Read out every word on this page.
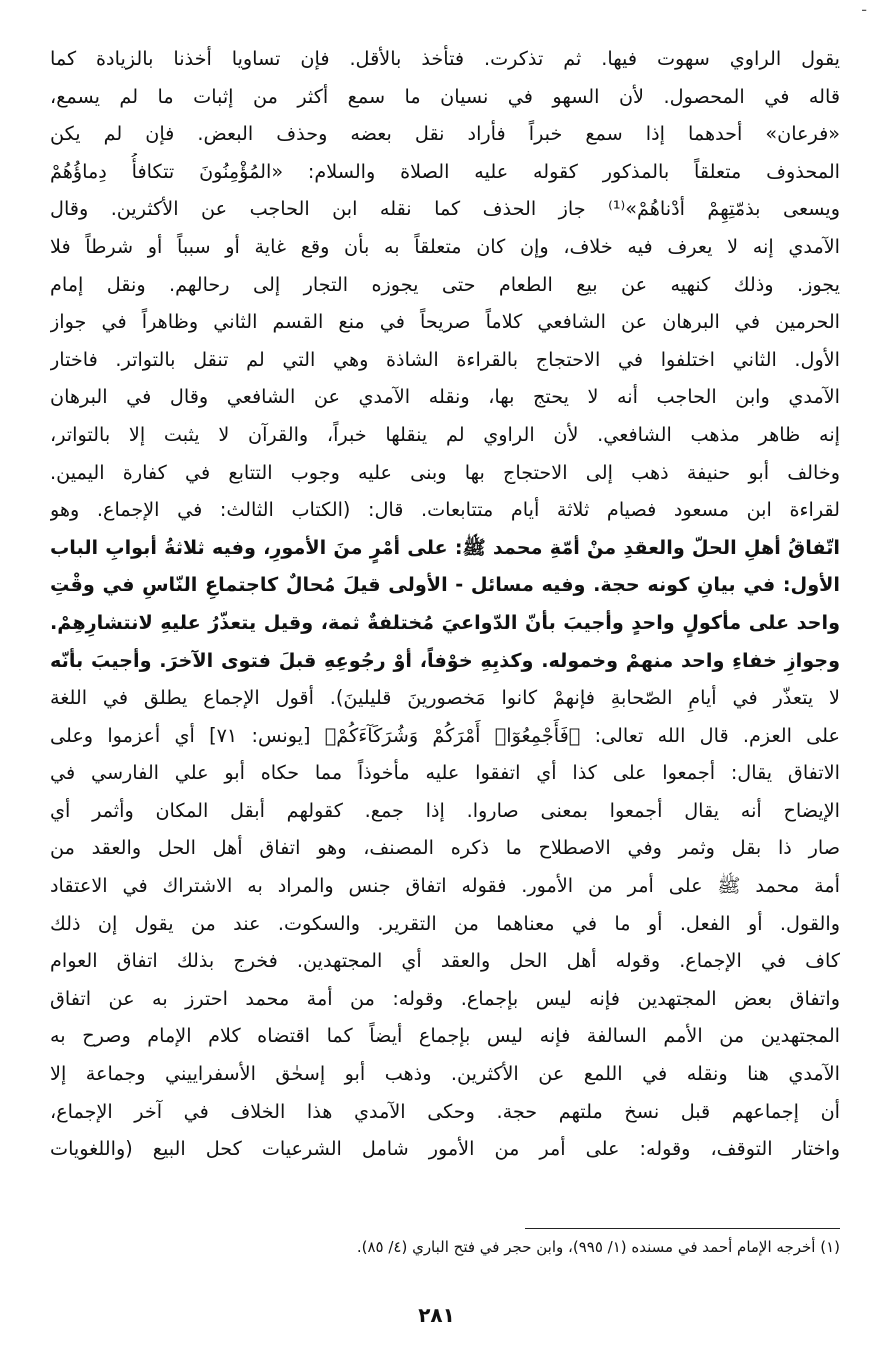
-
يقول الراوي سهوت فيها. ثم تذكرت. فتأخذ بالأقل. فإن تساويا أخذنا بالزيادة كما
قاله في المحصول. لأن السهو في نسيان ما سمع أكثر من إثبات ما لم يسمع،
«فرعان» أحدهما إذا سمع خبراً فأراد نقل بعضه وحذف البعض. فإن لم يكن
المحذوف متعلقاً بالمذكور كقوله عليه الصلاة والسلام: «المُؤْمِنُونَ تتكافأُ دِماؤُهُمْ
ويسعى بذمّتِهِمْ أدْناهُمْ»⁽¹⁾ جاز الحذف كما نقله ابن الحاجب عن الأكثرين. وقال
الآمدي إنه لا يعرف فيه خلاف، وإن كان متعلقاً به بأن وقع غاية أو سبباً أو شرطاً فلا
يجوز. وذلك كنهيه عن بيع الطعام حتى يجوزه التجار إلى رحالهم. ونقل إمام
الحرمين في البرهان عن الشافعي كلاماً صريحاً في منع القسم الثاني وظاهراً في جواز
الأول. الثاني اختلفوا في الاحتجاج بالقراءة الشاذة وهي التي لم تنقل بالتواتر. فاختار
الآمدي وابن الحاجب أنه لا يحتج بها، ونقله الآمدي عن الشافعي وقال في البرهان
إنه ظاهر مذهب الشافعي. لأن الراوي لم ينقلها خبراً، والقرآن لا يثبت إلا بالتواتر،
وخالف أبو حنيفة ذهب إلى الاحتجاج بها وبنى عليه وجوب التتابع في كفارة اليمين.
لقراءة ابن مسعود فصيام ثلاثة أيام متتابعات. قال: (الكتاب الثالث: في الإجماع. وهو
اتّفاقُ أهلِ الحلّ والعقدِ منْ أمّةِ محمد ﷺ: على أمْرٍ منَ الأمورِ، وفيه ثلاثةُ أبوابِ الباب
الأول: في بيانِ كونه حجة. وفيه مسائل - الأولى قيلَ مُحالٌ كاجتماعِ النّاسِ في وقْتِ
واحد على مأكولٍ واحدٍ وأجيبَ بأنّ الدّواعيَ مُختلفةٌ ثمة، وقيل يتعذّرُ عليهِ لانتشارِهِمْ.
وجوازِ خفاءِ واحد منهمْ وخموله. وكذبِهِ خوْفاً، أوْ رجُوعِهِ قبلَ فتوى الآخرَ. وأجيبَ بأنّه
لا يتعذّر في أيامِ الصّحابةِ فإنهمْ كانوا مَخصورينَ قليلينَ). أقول الإجماع يطلق في اللغة
على العزم. قال الله تعالى: ﴿فَأَجْمِعُوٓا۟ أَمْرَكُمْ وَشُرَكَآءَكُمْ﴾ [يونس: ٧١] أي أعزموا وعلى
الاتفاق يقال: أجمعوا على كذا أي اتفقوا عليه مأخوذاً مما حكاه أبو علي الفارسي في
الإيضاح أنه يقال أجمعوا بمعنى صاروا. إذا جمع. كقولهم أبقل المكان وأثمر أي
صار ذا بقل وثمر وفي الاصطلاح ما ذكره المصنف، وهو اتفاق أهل الحل والعقد من
أمة محمد ﷺ على أمر من الأمور. فقوله اتفاق جنس والمراد به الاشتراك في الاعتقاد
والقول. أو الفعل. أو ما في معناهما من التقرير. والسكوت. عند من يقول إن ذلك
كاف في الإجماع. وقوله أهل الحل والعقد أي المجتهدين. فخرج بذلك اتفاق العوام
واتفاق بعض المجتهدين فإنه ليس بإجماع. وقوله: من أمة محمد احترز به عن اتفاق
المجتهدين من الأمم السالفة فإنه ليس بإجماع أيضاً كما اقتضاه كلام الإمام وصرح به
الآمدي هنا ونقله في اللمع عن الأكثرين. وذهب أبو إسحٰق الأسفراييني وجماعة إلا
أن إجماعهم قبل نسخ ملتهم حجة. وحكى الآمدي هذا الخلاف في آخر الإجماع،
واختار التوقف، وقوله: على أمر من الأمور شامل الشرعيات كحل البيع (واللغويات
(١) أخرجه الإمام أحمد في مسنده (١/ ٩٩٥)، وابن حجر في فتح الباري (٤/ ٨٥).
٢٨١
